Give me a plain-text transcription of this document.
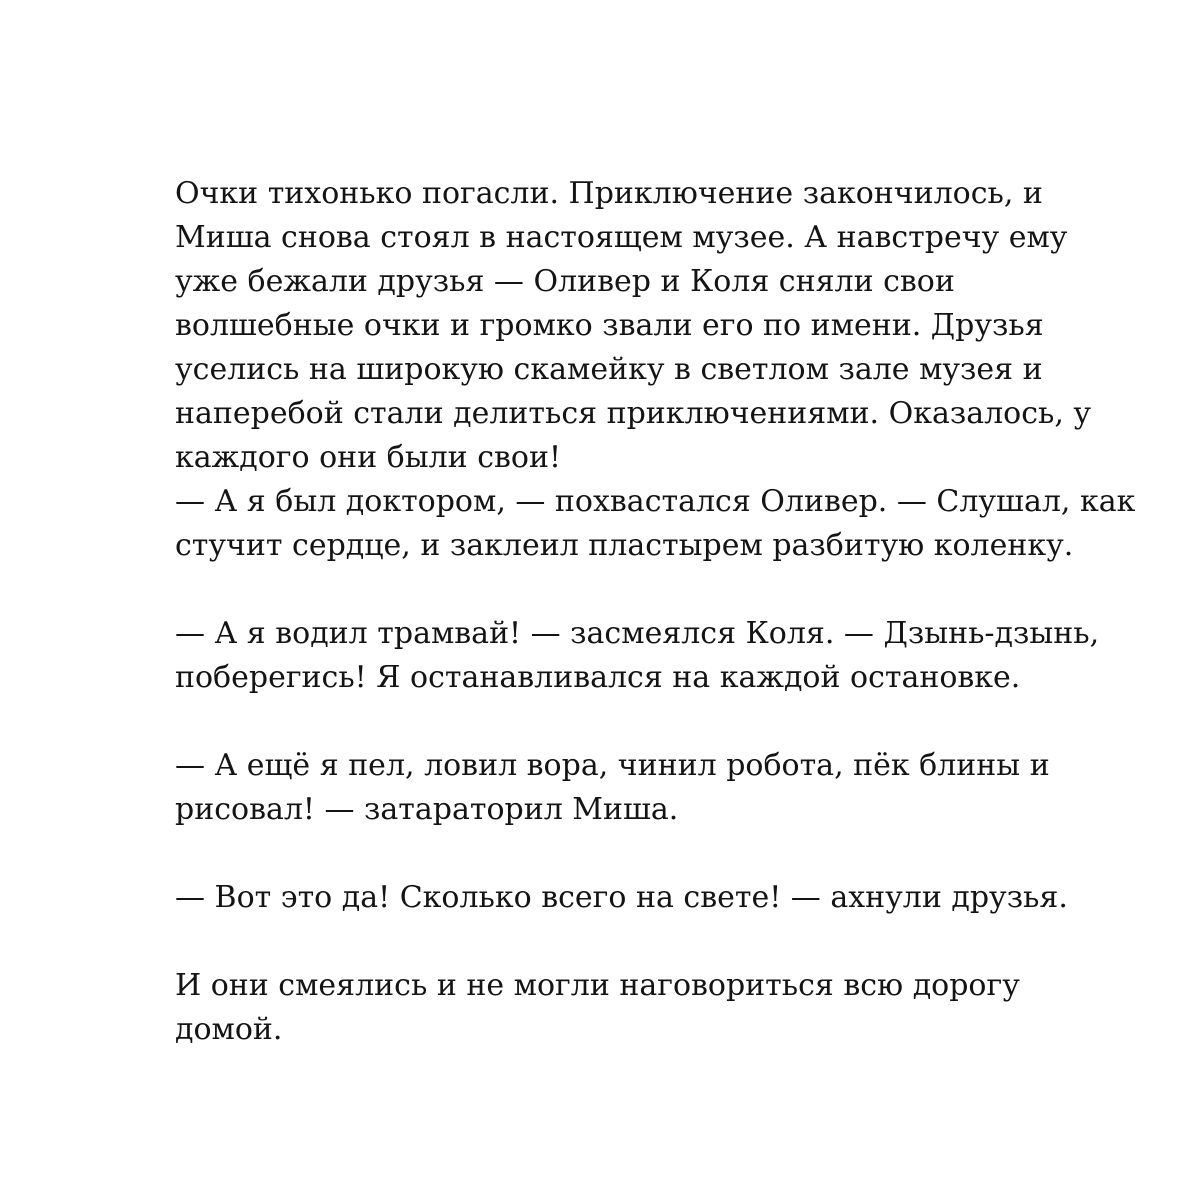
Очки тихонько погасли. Приключение закончилось, и
Миша снова стоял в настоящем музее. А навстречу ему
уже бежали друзья — Оливер и Коля сняли свои
волшебные очки и громко звали его по имени. Друзья
уселись на широкую скамейку в светлом зале музея и
наперебой стали делиться приключениями. Оказалось, у
каждого они были свои!

— А я был доктором, — похвастался Оливер. — Слушал, как
стучит сердце, и заклеил пластырем разбитую коленку.

— А я водил трамвай! — засмеялся Коля. — Дзынь-дзынь,
поберегись! Я останавливался на каждой остановке.

— А ещё я пел, ловил вора, чинил робота, пёк блины и
рисовал! — затараторил Миша.

— Вот это да! Сколько всего на свете! — ахнули друзья.

И они смеялись и не могли наговориться всю дорогу
домой.
